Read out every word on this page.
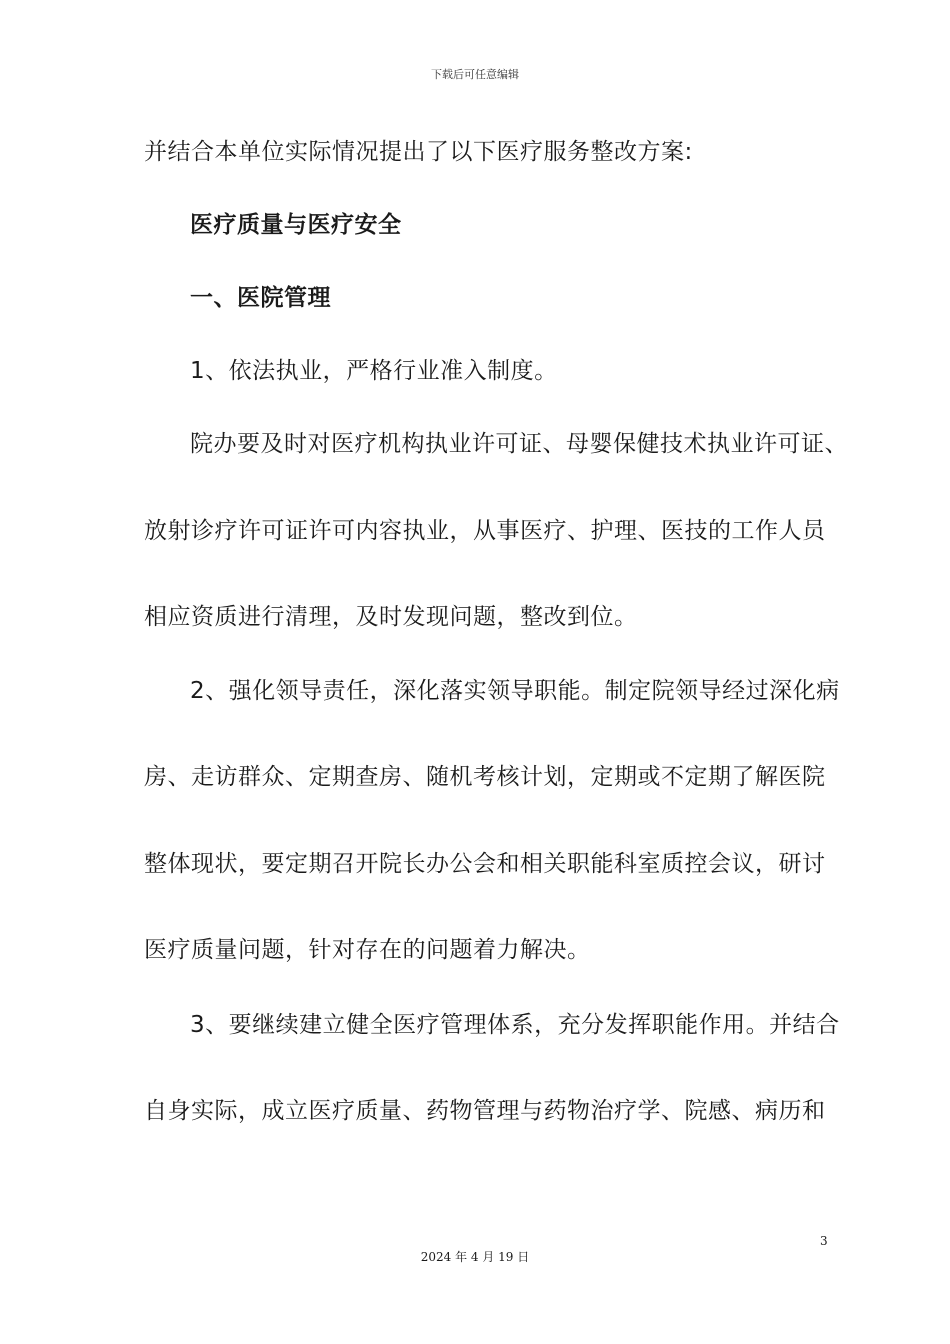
下载后可任意编辑
并结合本单位实际情况提出了以下医疗服务整改方案:
医疗质量与医疗安全
一、医院管理
1、依法执业，严格行业准入制度。
院办要及时对医疗机构执业许可证、母婴保健技术执业许可证、
放射诊疗许可证许可内容执业，从事医疗、护理、医技的工作人员
相应资质进行清理，及时发现问题，整改到位。
2、强化领导责任，深化落实领导职能。制定院领导经过深化病
房、走访群众、定期查房、随机考核计划，定期或不定期了解医院
整体现状，要定期召开院长办公会和相关职能科室质控会议，研讨
医疗质量问题，针对存在的问题着力解决。
3、要继续建立健全医疗管理体系，充分发挥职能作用。并结合
自身实际，成立医疗质量、药物管理与药物治疗学、院感、病历和
3
2024 年 4 月 19 日
